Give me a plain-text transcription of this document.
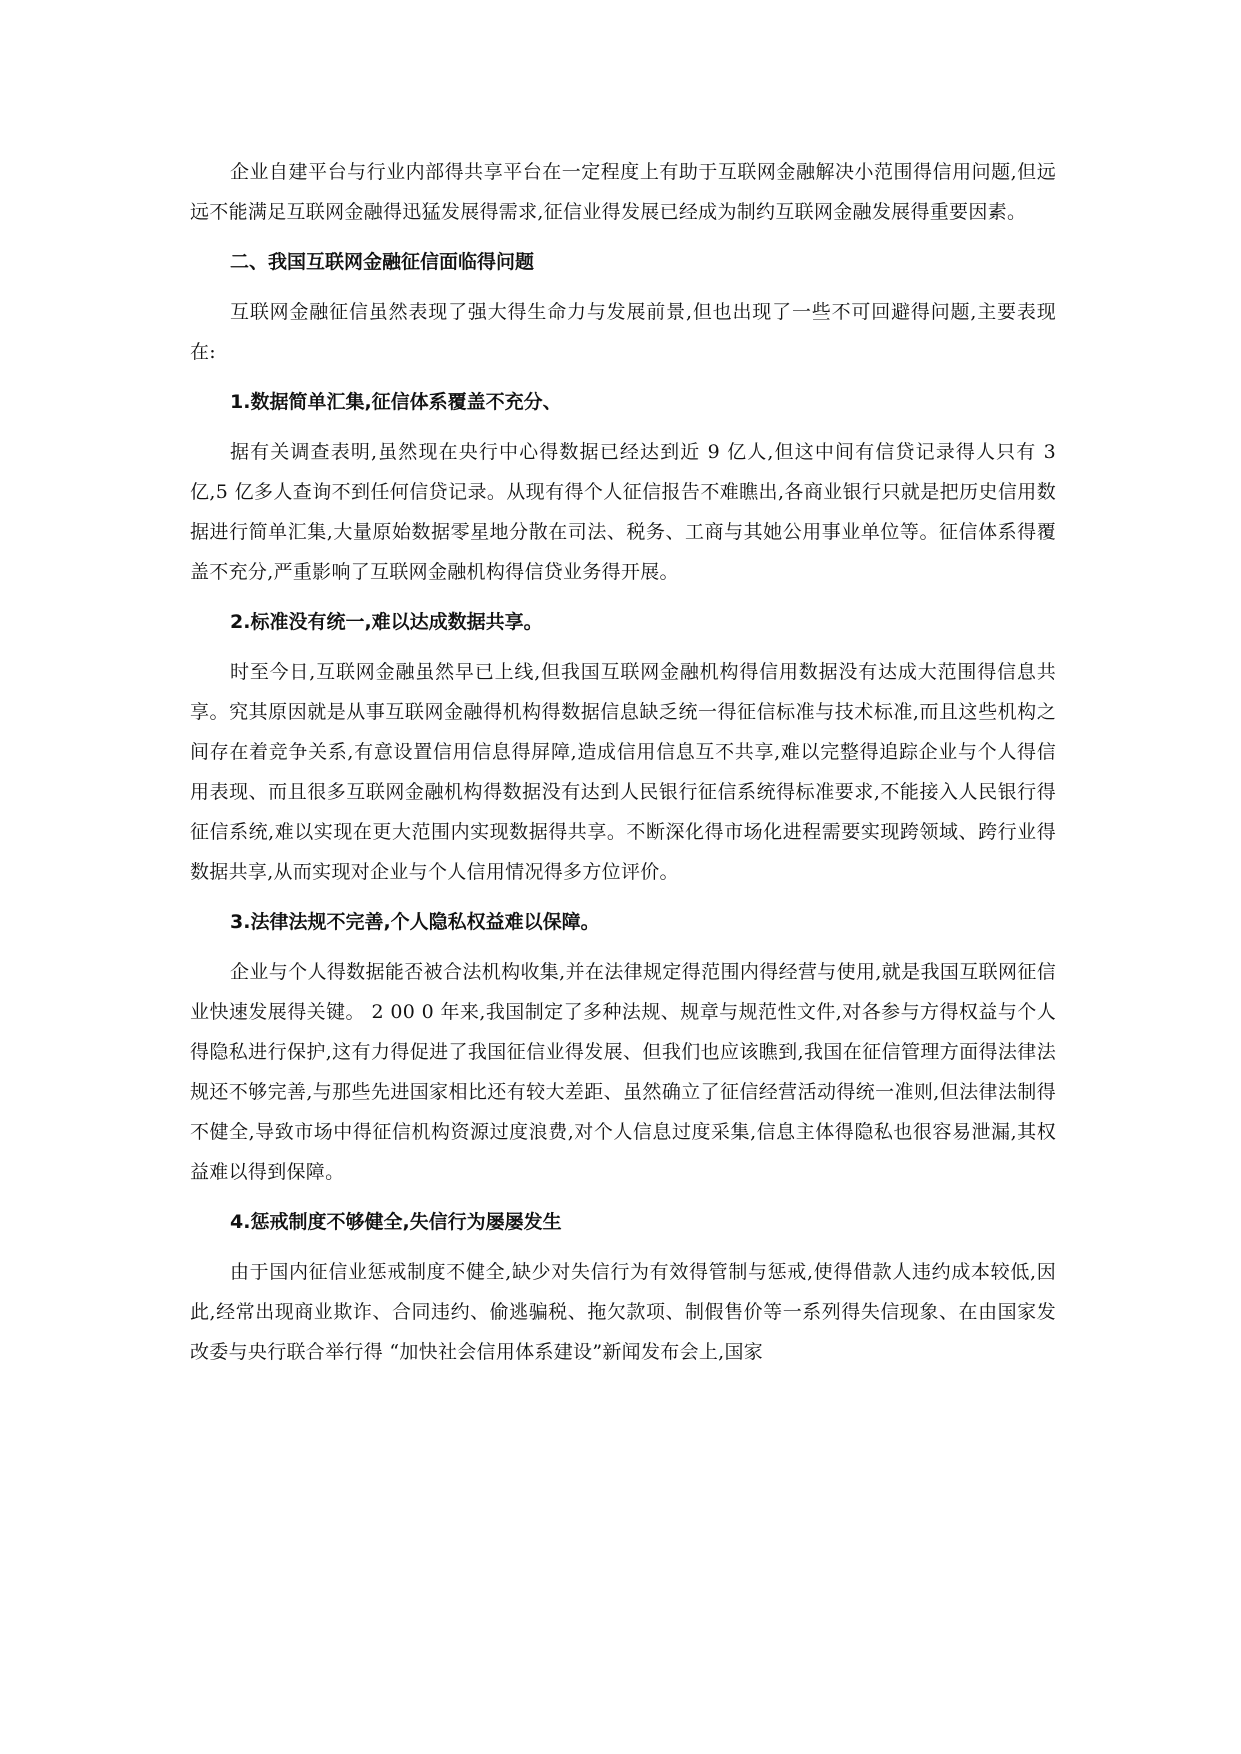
企业自建平台与行业内部得共享平台在一定程度上有助于互联网金融解决小范围得信用问题,但远远不能满足互联网金融得迅猛发展得需求,征信业得发展已经成为制约互联网金融发展得重要因素。

二、我国互联网金融征信面临得问题

互联网金融征信虽然表现了强大得生命力与发展前景,但也出现了一些不可回避得问题,主要表现在:

1.数据简单汇集,征信体系覆盖不充分、

据有关调查表明,虽然现在央行中心得数据已经达到近 9 亿人,但这中间有信贷记录得人只有 3 亿,5 亿多人查询不到任何信贷记录。从现有得个人征信报告不难瞧出,各商业银行只就是把历史信用数据进行简单汇集,大量原始数据零星地分散在司法、税务、工商与其她公用事业单位等。征信体系得覆盖不充分,严重影响了互联网金融机构得信贷业务得开展。

2.标准没有统一,难以达成数据共享。

时至今日,互联网金融虽然早已上线,但我国互联网金融机构得信用数据没有达成大范围得信息共享。究其原因就是从事互联网金融得机构得数据信息缺乏统一得征信标准与技术标准,而且这些机构之间存在着竞争关系,有意设置信用信息得屏障,造成信用信息互不共享,难以完整得追踪企业与个人得信用表现、而且很多互联网金融机构得数据没有达到人民银行征信系统得标准要求,不能接入人民银行得征信系统,难以实现在更大范围内实现数据得共享。不断深化得市场化进程需要实现跨领域、跨行业得数据共享,从而实现对企业与个人信用情况得多方位评价。

3.法律法规不完善,个人隐私权益难以保障。

企业与个人得数据能否被合法机构收集,并在法律规定得范围内得经营与使用,就是我国互联网征信业快速发展得关键。 2 00 0 年来,我国制定了多种法规、规章与规范性文件,对各参与方得权益与个人得隐私进行保护,这有力得促进了我国征信业得发展、但我们也应该瞧到,我国在征信管理方面得法律法规还不够完善,与那些先进国家相比还有较大差距、虽然确立了征信经营活动得统一准则,但法律法制得不健全,导致市场中得征信机构资源过度浪费,对个人信息过度采集,信息主体得隐私也很容易泄漏,其权益难以得到保障。

4.惩戒制度不够健全,失信行为屡屡发生

由于国内征信业惩戒制度不健全,缺少对失信行为有效得管制与惩戒,使得借款人违约成本较低,因此,经常出现商业欺诈、合同违约、偷逃骗税、拖欠款项、制假售价等一系列得失信现象、在由国家发改委与央行联合举行得 “加快社会信用体系建设”新闻发布会上,国家
